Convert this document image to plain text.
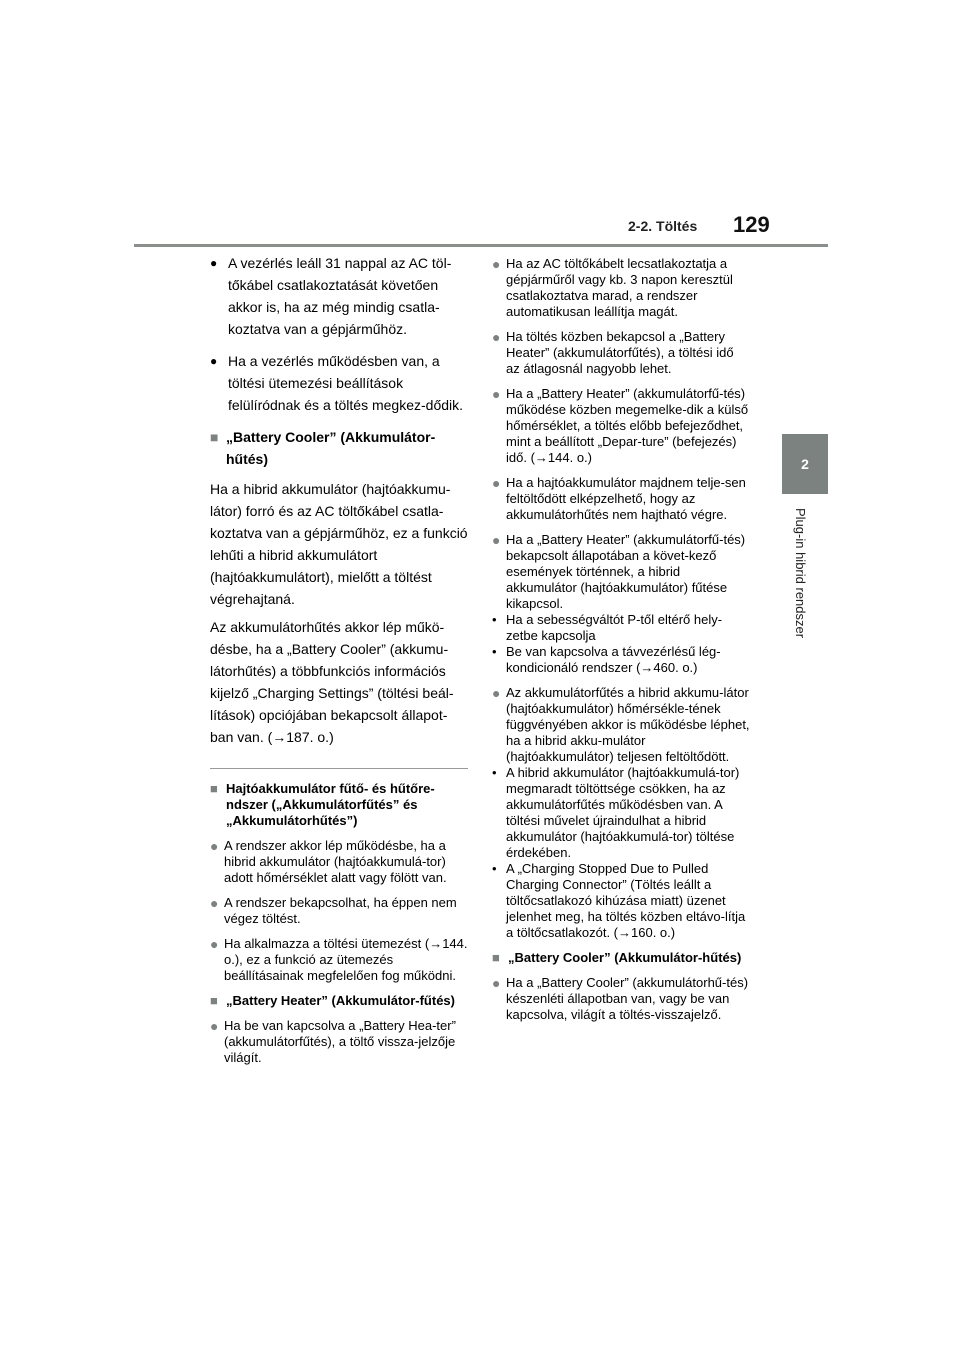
2-2. Töltés 129
2
Plug-in hibrid rendszer
● A vezérlés leáll 31 nappal az AC töl-tőkábel csatlakoztatását követően akkor is, ha az még mindig csatla-koztatva van a gépjárműhöz.
● Ha a vezérlés működésben van, a töltési ütemezési beállítások felülíródnak és a töltés megkez-dődik.
■ „Battery Cooler” (Akkumulátor-hűtés)
Ha a hibrid akkumulátor (hajtóakkumu-látor) forró és az AC töltőkábel csatla-koztatva van a gépjárműhöz, ez a funkció lehűti a hibrid akkumulátort (hajtóakkumulátort), mielőtt a töltést végrehajtaná.
Az akkumulátorhűtés akkor lép műkö-désbe, ha a „Battery Cooler” (akkumu-látorhűtés) a többfunkciós információs kijelző „Charging Settings” (töltési beál-lítások) opciójában bekapcsolt állapot-ban van. (→187. o.)
■ Hajtóakkumulátor fűtő- és hűtőre-ndszer („Akkumulátorfűtés” és „Akkumulátorhűtés”)
● A rendszer akkor lép működésbe, ha a hibrid akkumulátor (hajtóakkumulá-tor) adott hőmérséklet alatt vagy fölött van.
● A rendszer bekapcsolhat, ha éppen nem végez töltést.
● Ha alkalmazza a töltési ütemezést (→144. o.), ez a funkció az ütemezés beállításainak megfelelően fog működni.
■ „Battery Heater” (Akkumulátor-fűtés)
● Ha be van kapcsolva a „Battery Hea-ter” (akkumulátorfűtés), a töltő vissza-jelzője világít.
● Ha az AC töltőkábelt lecsatlakoztatja a gépjárműről vagy kb. 3 napon keresztül csatlakoztatva marad, a rendszer automatikusan leállítja magát.
● Ha töltés közben bekapcsol a „Battery Heater” (akkumulátorfűtés), a töltési idő az átlagosnál nagyobb lehet.
● Ha a „Battery Heater” (akkumulátorfű-tés) működése közben megemelke-dik a külső hőmérséklet, a töltés előbb befejeződhet, mint a beállított „Depar-ture” (befejezés) idő. (→144. o.)
● Ha a hajtóakkumulátor majdnem telje-sen feltöltődött elképzelhető, hogy az akkumulátorhűtés nem hajtható végre.
● Ha a „Battery Heater” (akkumulátorfű-tés) bekapcsolt állapotában a követ-kező események történnek, a hibrid akkumulátor (hajtóakkumulátor) fűtése kikapcsol.
• Ha a sebességváltót P-től eltérő hely-zetbe kapcsolja
• Be van kapcsolva a távvezérlésű lég-kondicionáló rendszer (→460. o.)
● Az akkumulátorfűtés a hibrid akkumu-látor (hajtóakkumulátor) hőmérsékle-tének függvényében akkor is működésbe léphet, ha a hibrid akku-mulátor (hajtóakkumulátor) teljesen feltöltődött.
• A hibrid akkumulátor (hajtóakkumulá-tor) megmaradt töltöttsége csökken, ha az akkumulátorfűtés működésben van. A töltési művelet újraindulhat a hibrid akkumulátor (hajtóakkumulá-tor) töltése érdekében.
• A „Charging Stopped Due to Pulled Charging Connector” (Töltés leállt a töltőcsatlakozó kihúzása miatt) üzenet jelenhet meg, ha töltés közben eltávo-lítja a töltőcsatlakozót. (→160. o.)
■ „Battery Cooler” (Akkumulátor-hűtés)
● Ha a „Battery Cooler” (akkumulátorhű-tés) készenléti állapotban van, vagy be van kapcsolva, világít a töltés-visszajelző.
